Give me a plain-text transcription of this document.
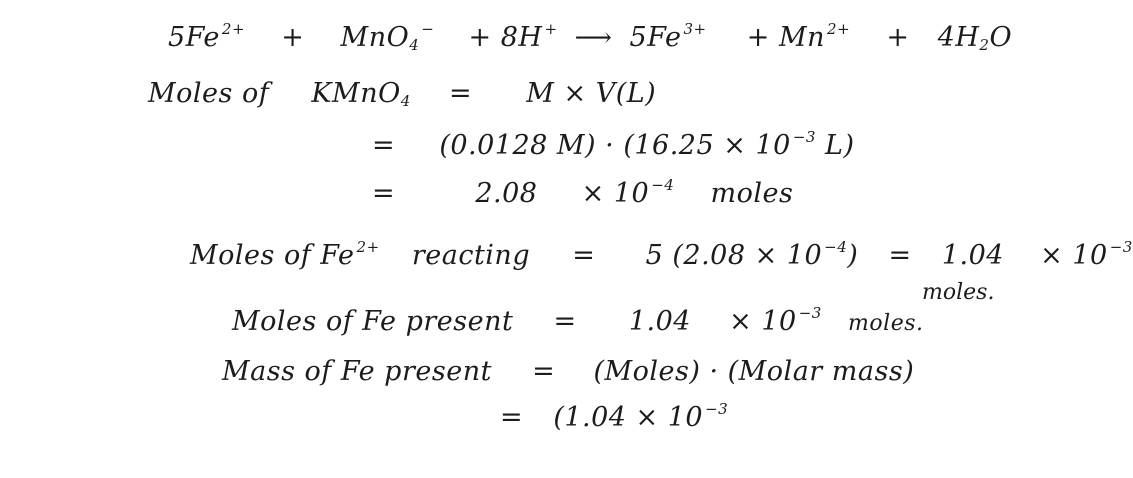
5Fe $^{2+}$ + MnO4− + 8H + ⟶ 5Fe $^{3+}$ + Mn $^{2+}$ + 4H2O
Moles of KMnO4 = M × V(L)
= (0.0128 M) · (16.25 × 10 $^{-3}$ L)
=	2.08 × 10 $^{-4}$ moles
Moles of Fe $^{2+}$ reacting = 5 (2.08 × 10 $^{-4}$) = 1.04 × 10 $^{-3}$
moles.
Moles of Fe present = 1.04 × 10 $^{-3}$ moles.
Mass of Fe present = (Moles) · (Molar mass)
= (1.04 × 10 $^{-3}$
